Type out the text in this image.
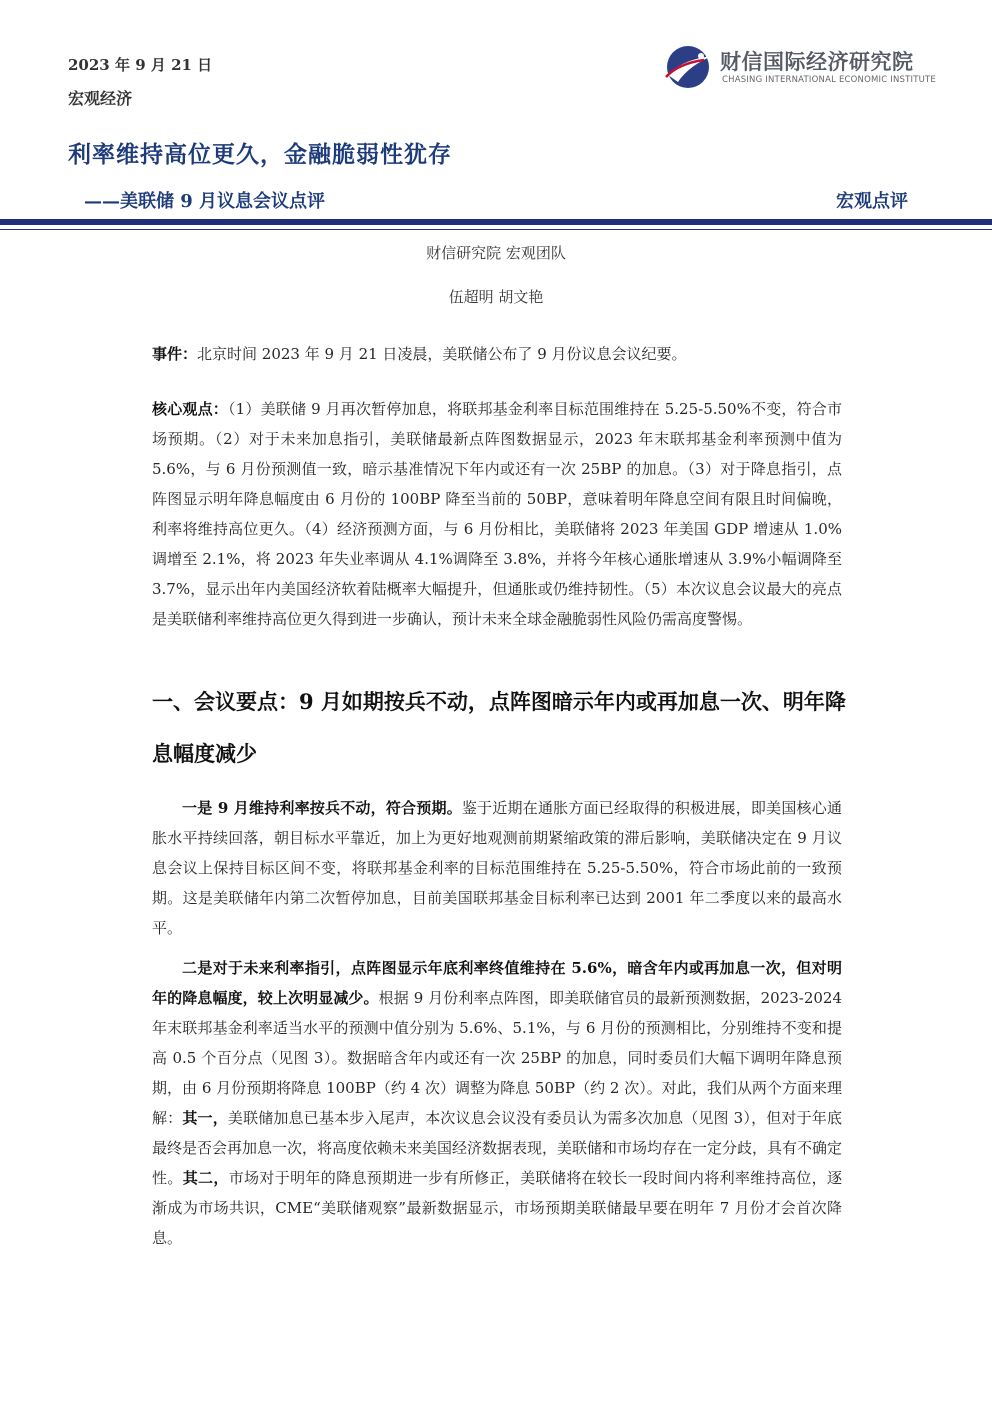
2023 年 9 月 21 日
宏观经济
财信国际经济研究院
CHASING INTERNATIONAL ECONOMIC INSTITUTE
利率维持高位更久，金融脆弱性犹存
——美联储 9 月议息会议点评	宏观点评
财信研究院 宏观团队
伍超明 胡文艳
事件：北京时间 2023 年 9 月 21 日凌晨，美联储公布了 9 月份议息会议纪要。
核心观点：（1）美联储 9 月再次暂停加息，将联邦基金利率目标范围维持在 5.25-5.50%不变，符合市场预期。（2）对于未来加息指引，美联储最新点阵图数据显示，2023 年末联邦基金利率预测中值为 5.6%，与 6 月份预测值一致，暗示基准情况下年内或还有一次 25BP 的加息。（3）对于降息指引，点阵图显示明年降息幅度由 6 月份的 100BP 降至当前的 50BP，意味着明年降息空间有限且时间偏晚，利率将维持高位更久。（4）经济预测方面，与 6 月份相比，美联储将 2023 年美国 GDP 增速从 1.0%调增至 2.1%，将 2023 年失业率调从 4.1%调降至 3.8%，并将今年核心通胀增速从 3.9%小幅调降至 3.7%，显示出年内美国经济软着陆概率大幅提升，但通胀或仍维持韧性。（5）本次议息会议最大的亮点是美联储利率维持高位更久得到进一步确认，预计未来全球金融脆弱性风险仍需高度警惕。
一、会议要点：9 月如期按兵不动，点阵图暗示年内或再加息一次、明年降息幅度减少
一是 9 月维持利率按兵不动，符合预期。鉴于近期在通胀方面已经取得的积极进展，即美国核心通胀水平持续回落，朝目标水平靠近，加上为更好地观测前期紧缩政策的滞后影响，美联储决定在 9 月议息会议上保持目标区间不变，将联邦基金利率的目标范围维持在 5.25-5.50%，符合市场此前的一致预期。这是美联储年内第二次暂停加息，目前美国联邦基金目标利率已达到 2001 年二季度以来的最高水平。
二是对于未来利率指引，点阵图显示年底利率终值维持在 5.6%，暗含年内或再加息一次，但对明年的降息幅度，较上次明显减少。根据 9 月份利率点阵图，即美联储官员的最新预测数据，2023-2024 年末联邦基金利率适当水平的预测中值分别为 5.6%、5.1%，与 6 月份的预测相比，分别维持不变和提高 0.5 个百分点（见图 3）。数据暗含年内或还有一次 25BP 的加息，同时委员们大幅下调明年降息预期，由 6 月份预期将降息 100BP（约 4 次）调整为降息 50BP（约 2 次）。对此，我们从两个方面来理解：其一，美联储加息已基本步入尾声，本次议息会议没有委员认为需多次加息（见图 3），但对于年底最终是否会再加息一次，将高度依赖未来美国经济数据表现，美联储和市场均存在一定分歧，具有不确定性。其二，市场对于明年的降息预期进一步有所修正，美联储将在较长一段时间内将利率维持高位，逐渐成为市场共识，CME“美联储观察”最新数据显示，市场预期美联储最早要在明年 7 月份才会首次降息。
